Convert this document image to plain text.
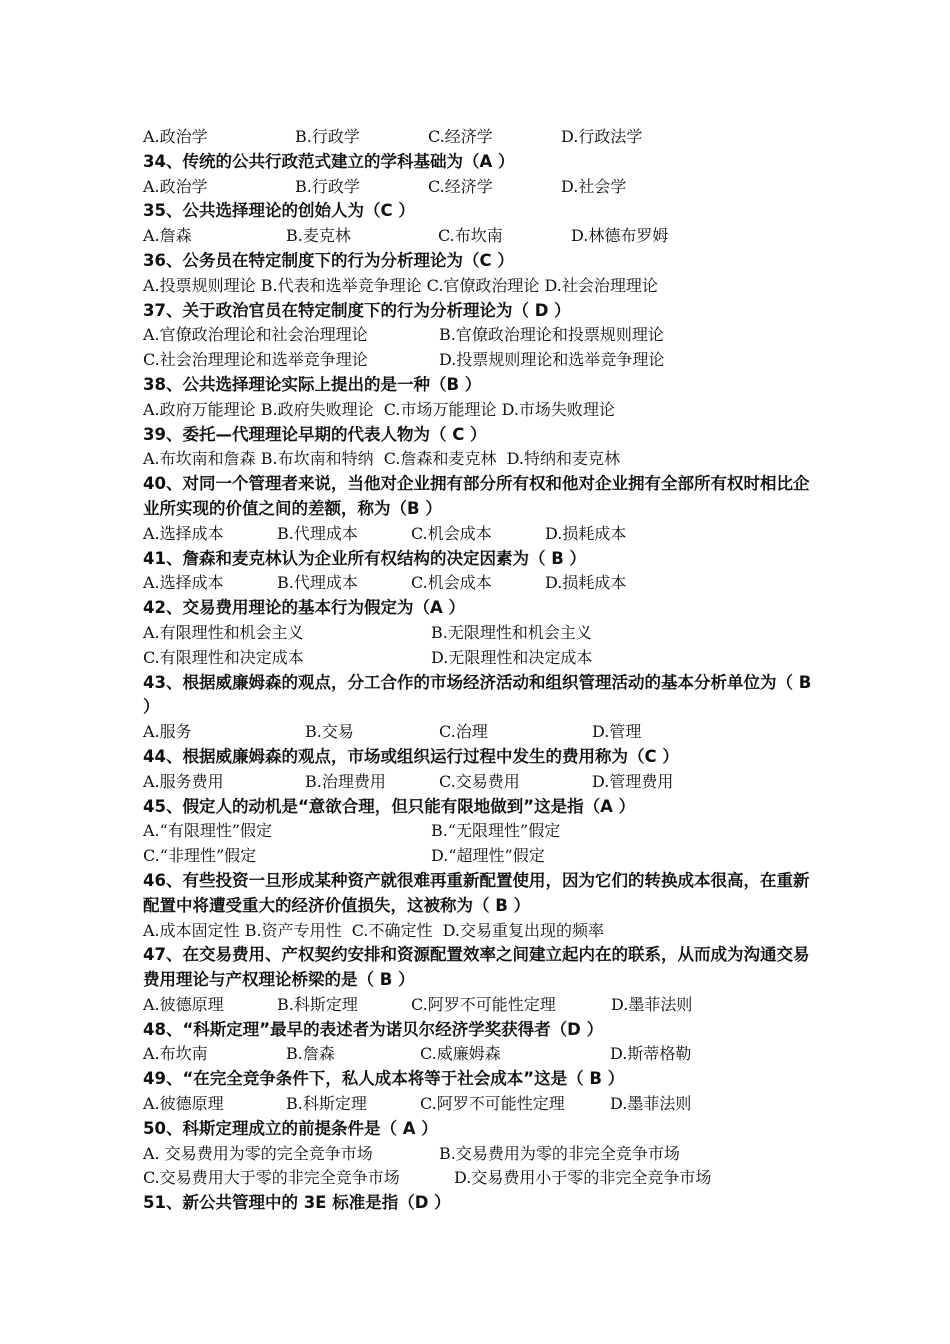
A.政治学	B.行政学	C.经济学	D.行政法学
34、传统的公共行政范式建立的学科基础为（A ）
A.政治学	B.行政学	C.经济学	D.社会学
35、公共选择理论的创始人为（C ）
A.詹森	B.麦克林	C.布坎南	D.林德布罗姆
36、公务员在特定制度下的行为分析理论为（C ）
A.投票规则理论 B.代表和选举竞争理论 C.官僚政治理论 D.社会治理理论
37、关于政治官员在特定制度下的行为分析理论为（ D ）
A.官僚政治理论和社会治理理论	B.官僚政治理论和投票规则理论
C.社会治理理论和选举竞争理论	D.投票规则理论和选举竞争理论
38、公共选择理论实际上提出的是一种（B ）
A.政府万能理论 B.政府失败理论  C.市场万能理论 D.市场失败理论
39、委托—代理理论早期的代表人物为（ C ）
A.布坎南和詹森 B.布坎南和特纳  C.詹森和麦克林  D.特纳和麦克林
40、对同一个管理者来说，当他对企业拥有部分所有权和他对企业拥有全部所有权时相比企业所实现的价值之间的差额，称为（B ）
A.选择成本	B.代理成本	C.机会成本	D.损耗成本
41、詹森和麦克林认为企业所有权结构的决定因素为（ B ）
A.选择成本	B.代理成本	C.机会成本	D.损耗成本
42、交易费用理论的基本行为假定为（A ）
A.有限理性和机会主义	B.无限理性和机会主义
C.有限理性和决定成本	D.无限理性和决定成本
43、根据威廉姆森的观点，分工合作的市场经济活动和组织管理活动的基本分析单位为（ B ）
A.服务	B.交易	C.治理	D.管理
44、根据威廉姆森的观点，市场或组织运行过程中发生的费用称为（C ）
A.服务费用	B.治理费用	C.交易费用	D.管理费用
45、假定人的动机是“意欲合理，但只能有限地做到”这是指（A ）
A.“有限理性”假定	B.“无限理性”假定
C.“非理性”假定	D.“超理性”假定
46、有些投资一旦形成某种资产就很难再重新配置使用，因为它们的转换成本很高，在重新配置中将遭受重大的经济价值损失，这被称为（ B ）
A.成本固定性 B.资产专用性  C.不确定性  D.交易重复出现的频率
47、在交易费用、产权契约安排和资源配置效率之间建立起内在的联系，从而成为沟通交易费用理论与产权理论桥梁的是（ B ）
A.彼德原理	B.科斯定理	C.阿罗不可能性定理	D.墨菲法则
48、“科斯定理”最早的表述者为诺贝尔经济学奖获得者（D ）
A.布坎南	B.詹森	C.威廉姆森	D.斯蒂格勒
49、“在完全竞争条件下，私人成本将等于社会成本”这是（ B ）
A.彼德原理	B.科斯定理	C.阿罗不可能性定理	D.墨菲法则
50、科斯定理成立的前提条件是（ A ）
A. 交易费用为零的完全竞争市场	B.交易费用为零的非完全竞争市场
C.交易费用大于零的非完全竞争市场	D.交易费用小于零的非完全竞争市场
51、新公共管理中的 3E 标准是指（D ）
